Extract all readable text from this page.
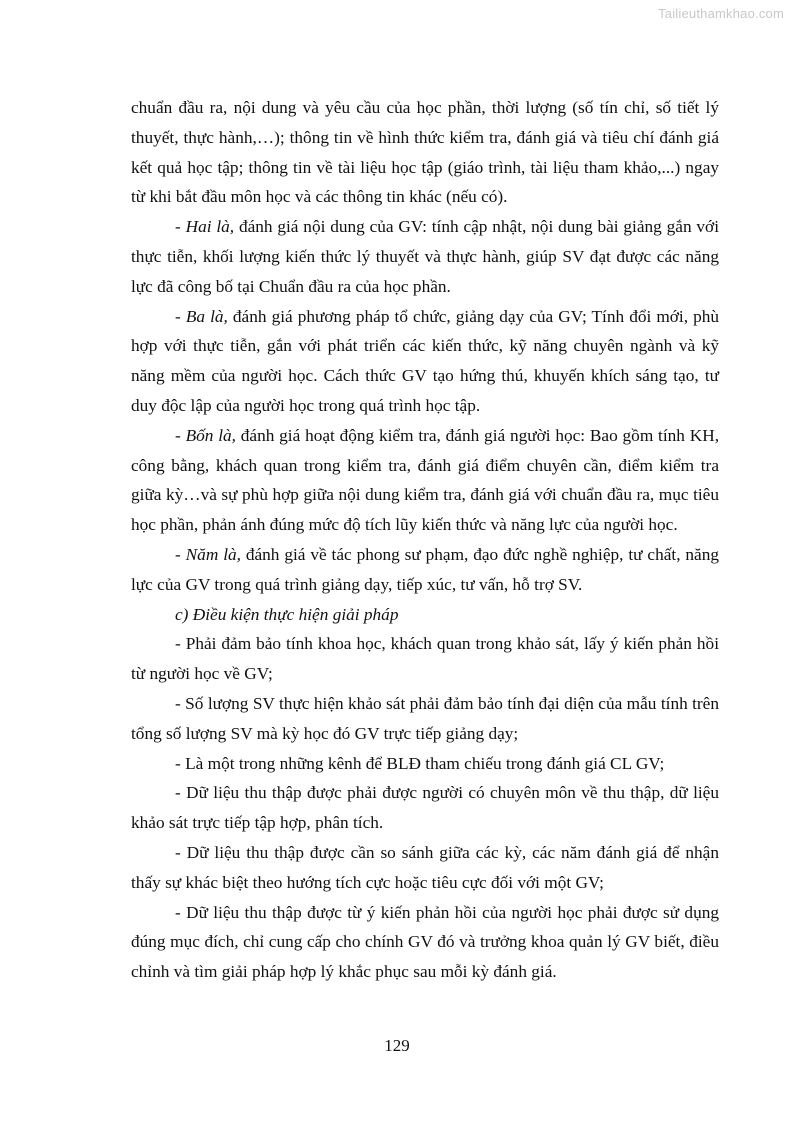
Tailieuthamkhao.com

chuẩn đầu ra, nội dung và yêu cầu của học phần, thời lượng (số tín chỉ, số tiết lý thuyết, thực hành,…); thông tin về hình thức kiểm tra, đánh giá và tiêu chí đánh giá kết quả học tập; thông tin về tài liệu học tập (giáo trình, tài liệu tham khảo,...) ngay từ khi bắt đầu môn học và các thông tin khác (nếu có).

- Hai là, đánh giá nội dung của GV: tính cập nhật, nội dung bài giảng gắn với thực tiễn, khối lượng kiến thức lý thuyết và thực hành, giúp SV đạt được các năng lực đã công bố tại Chuẩn đầu ra của học phần.

- Ba là, đánh giá phương pháp tổ chức, giảng dạy của GV; Tính đổi mới, phù hợp với thực tiễn, gắn với phát triển các kiến thức, kỹ năng chuyên ngành và kỹ năng mềm của người học. Cách thức GV tạo hứng thú, khuyến khích sáng tạo, tư duy độc lập của người học trong quá trình học tập.

- Bốn là, đánh giá hoạt động kiểm tra, đánh giá người học: Bao gồm tính KH, công bằng, khách quan trong kiểm tra, đánh giá điểm chuyên cần, điểm kiểm tra giữa kỳ…và sự phù hợp giữa nội dung kiểm tra, đánh giá với chuẩn đầu ra, mục tiêu học phần, phản ánh đúng mức độ tích lũy kiến thức và năng lực của người học.

- Năm là, đánh giá về tác phong sư phạm, đạo đức nghề nghiệp, tư chất, năng lực của GV trong quá trình giảng dạy, tiếp xúc, tư vấn, hỗ trợ SV.

c) Điều kiện thực hiện giải pháp

- Phải đảm bảo tính khoa học, khách quan trong khảo sát, lấy ý kiến phản hồi từ người học về GV;

- Số lượng SV thực hiện khảo sát phải đảm bảo tính đại diện của mẫu tính trên tổng số lượng SV mà kỳ học đó GV trực tiếp giảng dạy;

- Là một trong những kênh để BLĐ tham chiếu trong đánh giá CL GV;

- Dữ liệu thu thập được phải được người có chuyên môn về thu thập, dữ liệu khảo sát trực tiếp tập hợp, phân tích.

- Dữ liệu thu thập được cần so sánh giữa các kỳ, các năm đánh giá để nhận thấy sự khác biệt theo hướng tích cực hoặc tiêu cực đối với một GV;

- Dữ liệu thu thập được từ ý kiến phản hồi của người học phải được sử dụng đúng mục đích, chỉ cung cấp cho chính GV đó và trưởng khoa quản lý GV biết, điều chỉnh và tìm giải pháp hợp lý khắc phục sau mỗi kỳ đánh giá.

129
